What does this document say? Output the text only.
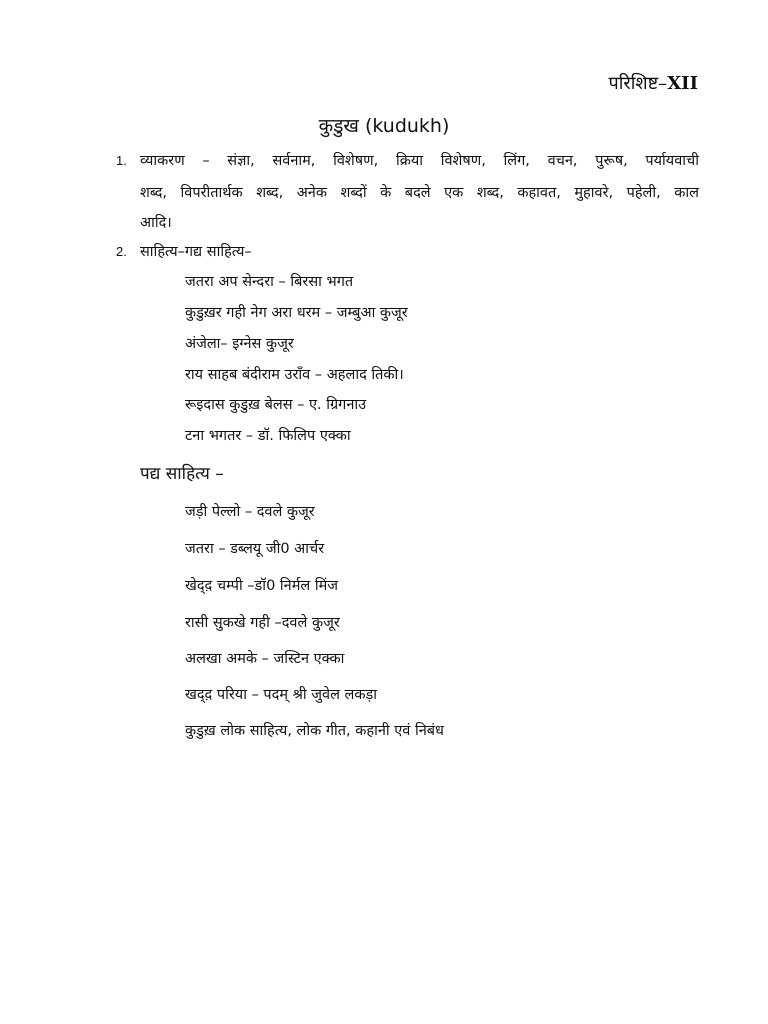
परिशिष्ट–XII
कुडुख (kudukh)
1. व्याकरण – संज्ञा, सर्वनाम, विशेषण, क्रिया विशेषण, लिंग, वचन, पुरूष, पर्यायवाची
शब्द, विपरीतार्थक शब्द, अनेक शब्दों के बदले एक शब्द, कहावत, मुहावरे, पहेली, काल
आदि।
2. साहित्य–गद्य साहित्य–
जतरा अप सेन्दरा – बिरसा भगत
कुडुख़र गही नेग अरा धरम – जम्बुआ कुजूर
अंजेला– इग्नेस कुजूर
राय साहब बंदीराम उराँव – अहलाद तिकी।
रूइदास कुडुख़ बेलस – ए. ग्रिगनाउ
टना भगतर – डॉ. फिलिप एक्का
पद्य साहित्य –
जड़ी पेल्लो – दवले कुजूर
जतरा – डब्लयू जी0 आर्चर
खेद्द़ चम्पी –डॉ0 निर्मल मिंज
रासी सुकखे गही –दवले कुजूर
अलखा अमके – जस्टिन एक्का
खद्द़ परिया – पदम् श्री जुवेल लकड़ा
कुडुख़ लोक साहित्य, लोक गीत, कहानी एवं निबंध
